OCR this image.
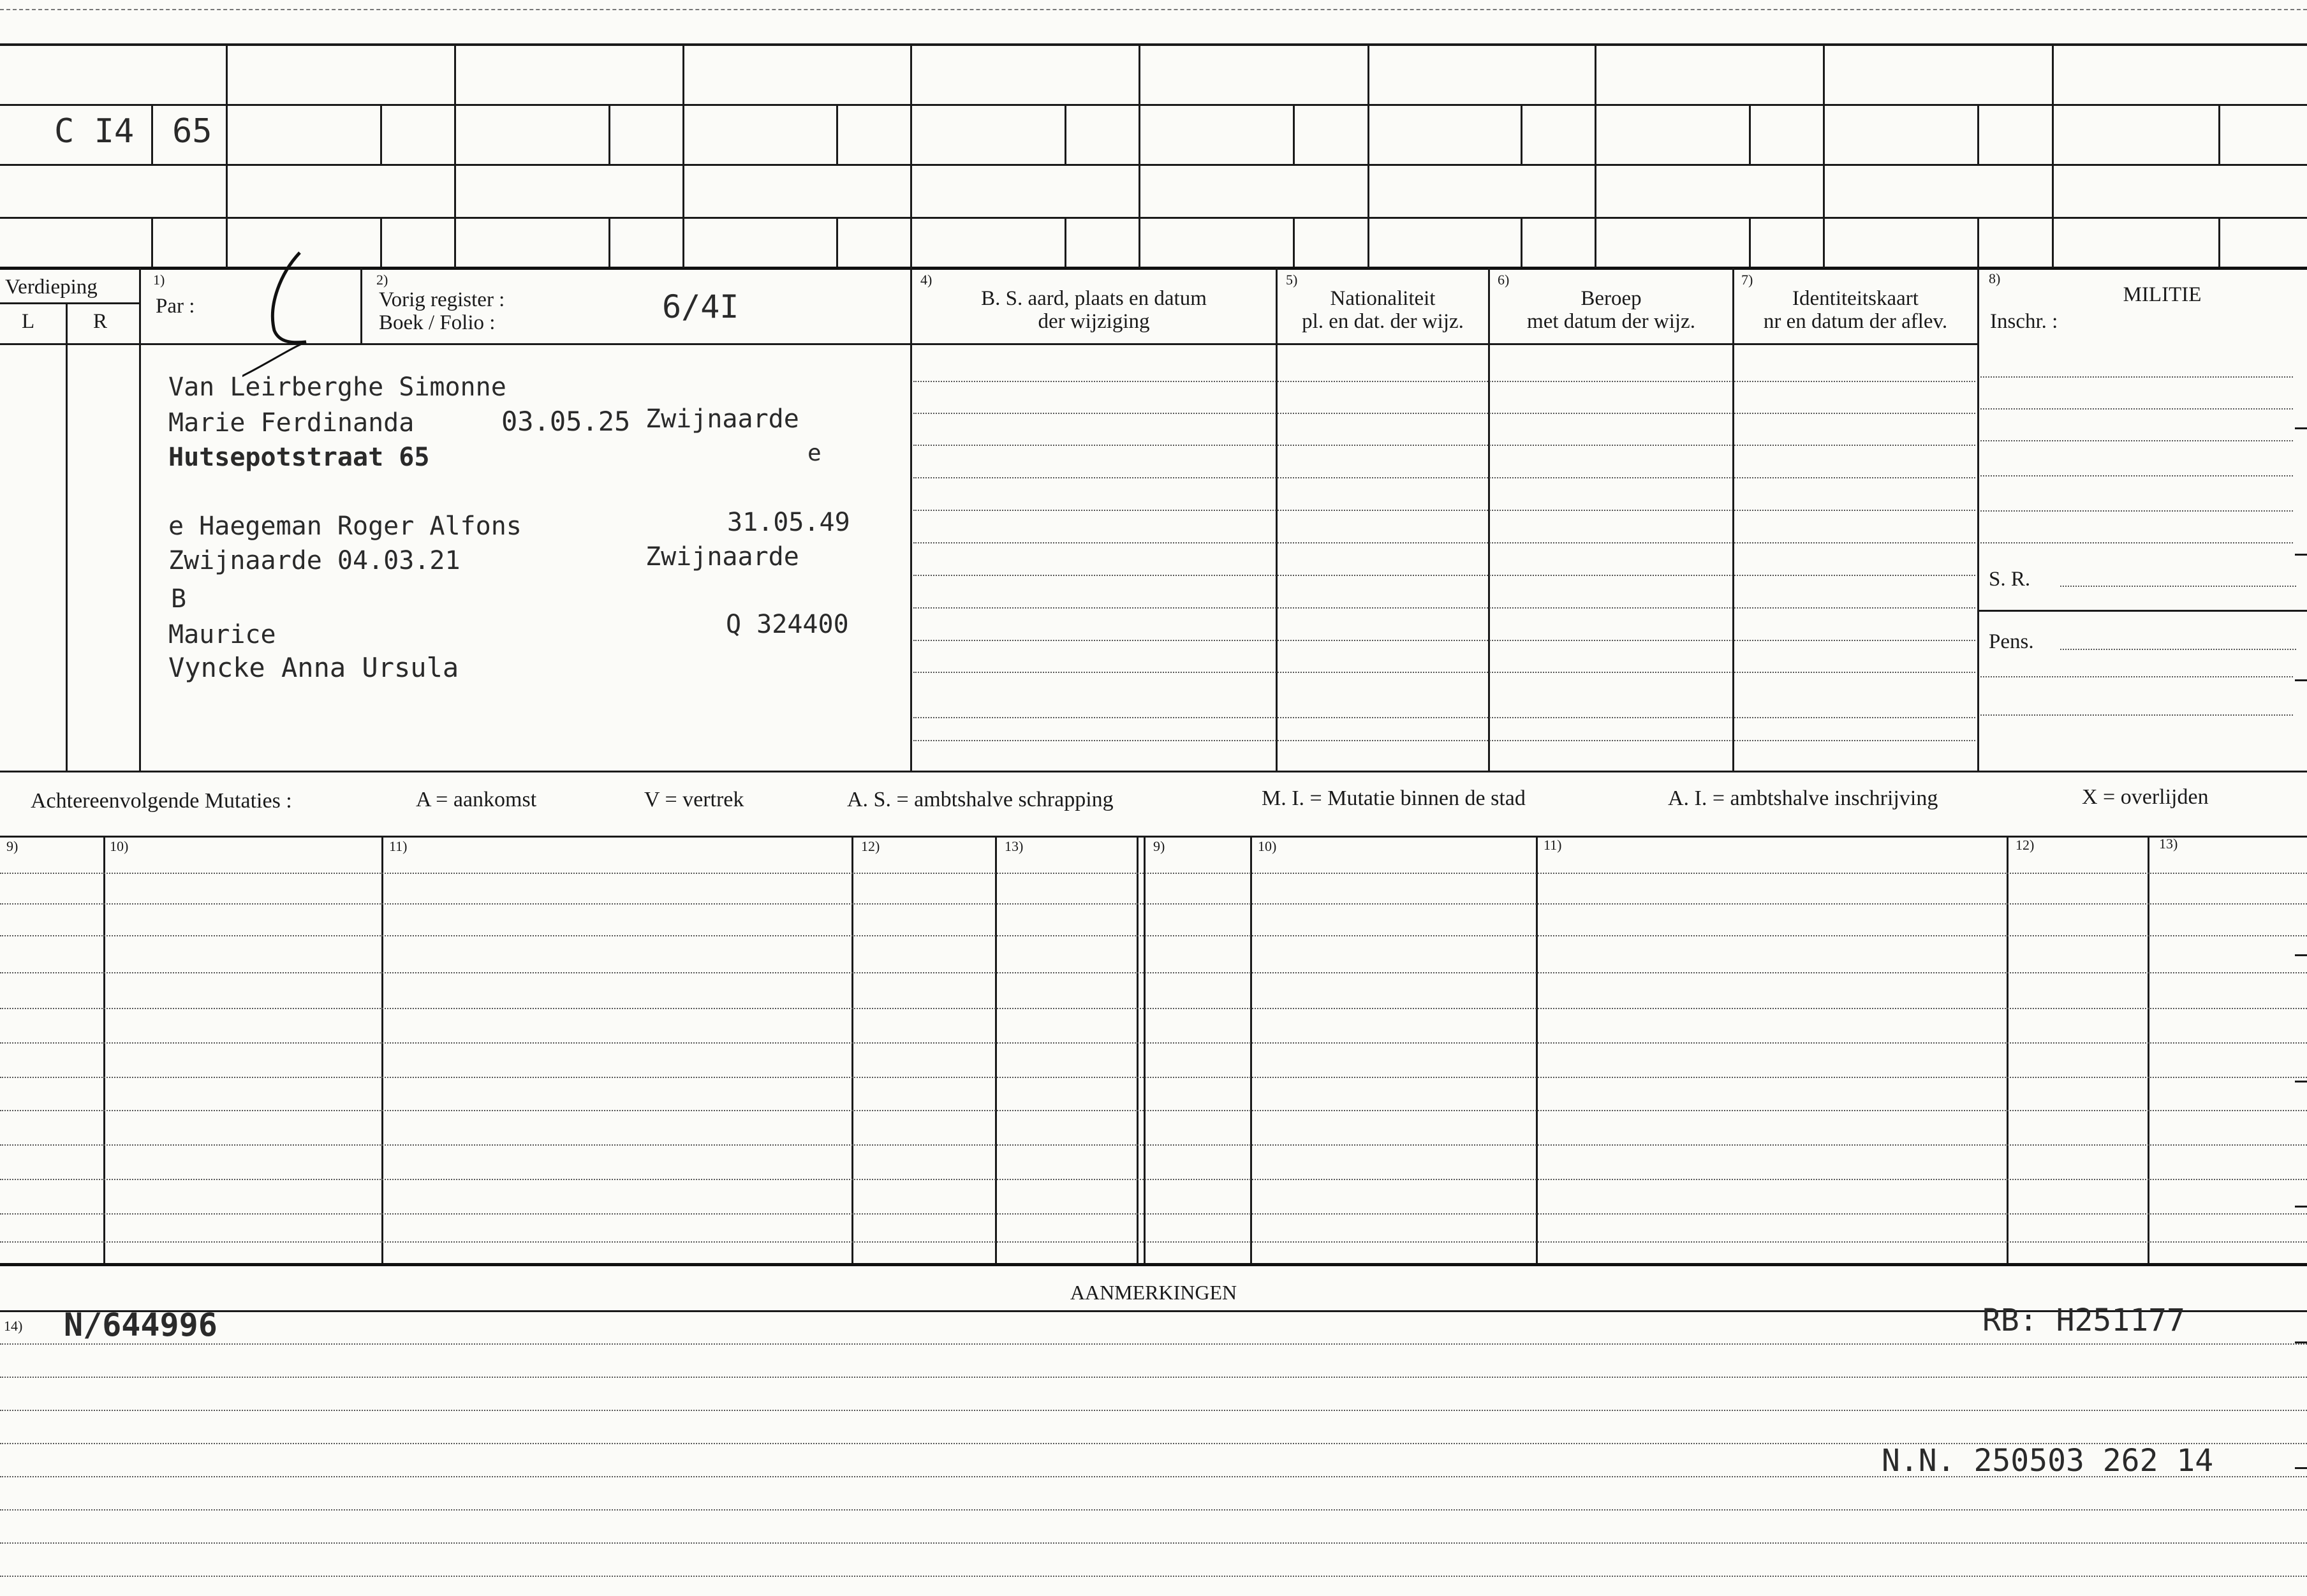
C I4 65
Verdieping
L	R
1)
Par :
2)
Vorig register :
Boek / Folio :	6/4I
4)
B. S. aard, plaats en datum
der wijziging
5)
Nationaliteit
pl. en dat. der wijz.
6)
Beroep
met datum der wijz.
7)
Identiteitskaart
nr en datum der aflev.
8)
MILITIE
Inschr. :
Van Leirberghe Simonne
Marie Ferdinanda	03.05.25 Zwijnaarde
Hutsepotstraat 65	e
e Haegeman Roger Alfons	31.05.49
Zwijnaarde 04.03.21	Zwijnaarde
B
Maurice	Q 324400
Vyncke Anna Ursula
S. R.
Pens.
Achtereenvolgende Mutaties :	A = aankomst	V = vertrek	A. S. = ambtshalve schrapping	M. I. = Mutatie binnen de stad	A. I. = ambtshalve inschrijving	X = overlijden
9)	10)	11)	12)	13)	9)	10)	11)	12)	13)
AANMERKINGEN
14) N/644996	RB: H251177
N.N. 250503 262 14
